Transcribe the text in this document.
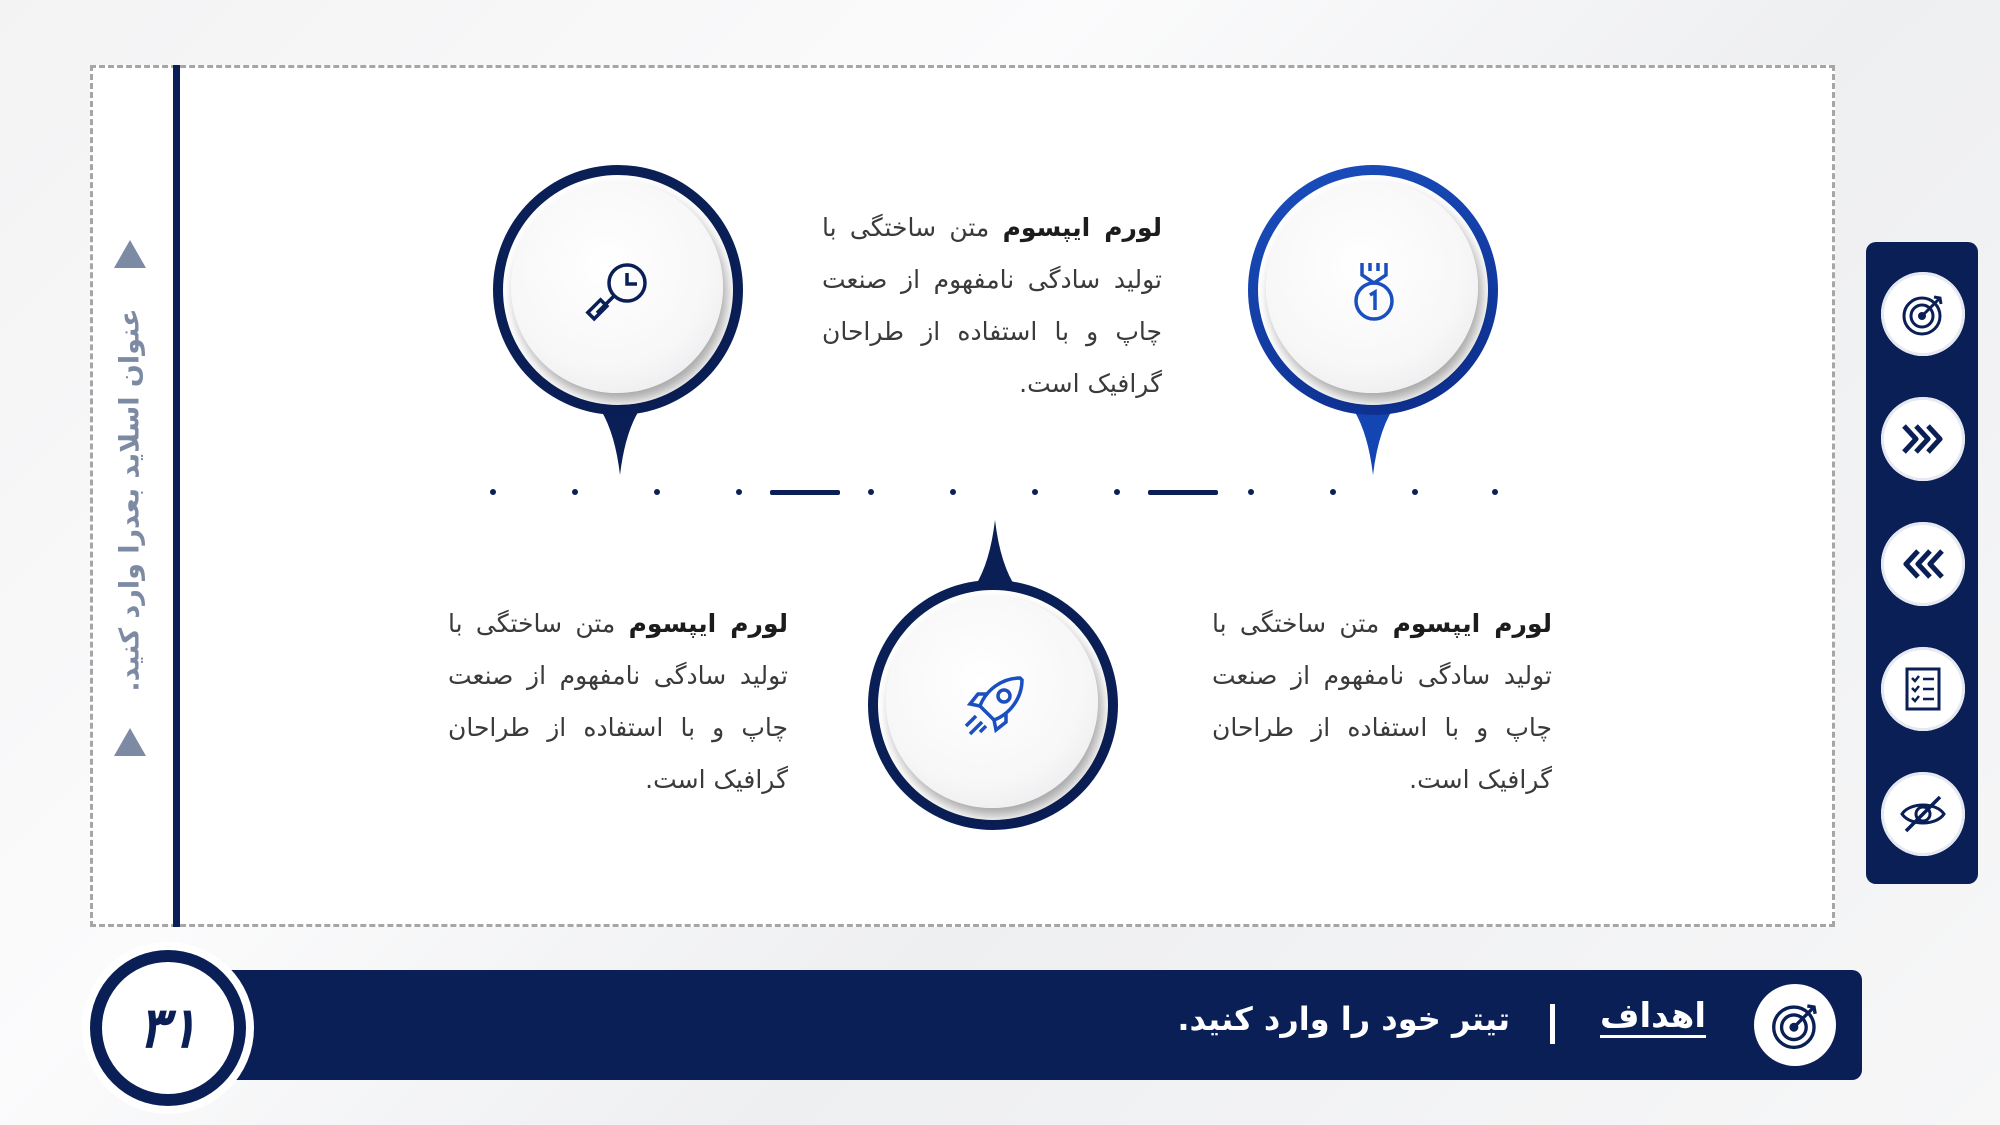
عنوان اسلاید بعدرا وارد کنید.
لورم ایپسوم متن ساختگی با تولید سادگی نامفهوم از صنعت چاپ و با استفاده از طراحان گرافیک است.
لورم ایپسوم متن ساختگی با تولید سادگی نامفهوم از صنعت چاپ و با استفاده از طراحان گرافیک است.
لورم ایپسوم متن ساختگی با تولید سادگی نامفهوم از صنعت چاپ و با استفاده از طراحان گرافیک است.
اهداف
تیتر خود را وارد کنید.
۳۱
